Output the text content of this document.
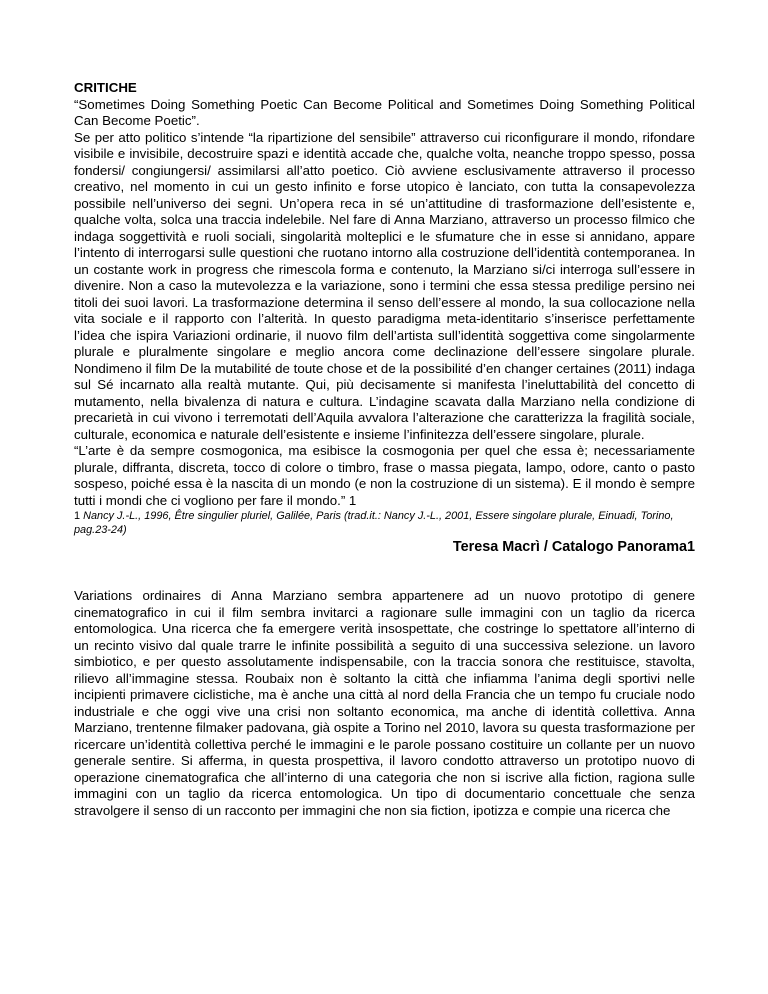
CRITICHE

“Sometimes Doing Something Poetic Can Become Political and Sometimes Doing Something Political Can Become Poetic”.

Se per atto politico s’intende “la ripartizione del sensibile” attraverso cui riconfigurare il mondo, rifondare visibile e invisibile, decostruire spazi e identità accade che, qualche volta, neanche troppo spesso, possa fondersi/ congiungersi/ assimilarsi all’atto poetico. Ciò avviene esclusivamente attraverso il processo creativo, nel momento in cui un gesto infinito e forse utopico è lanciato, con tutta la consapevolezza possibile nell’universo dei segni. Un’opera reca in sé un’attitudine di trasformazione dell’esistente e, qualche volta, solca una traccia indelebile. Nel fare di Anna Marziano, attraverso un processo filmico che indaga soggettività e ruoli sociali, singolarità molteplici e le sfumature che in esse si annidano, appare l’intento di interrogarsi sulle questioni che ruotano intorno alla costruzione dell’identità contemporanea. In un costante work in progress che rimescola forma e contenuto, la Marziano si/ci interroga sull’essere in divenire. Non a caso la mutevolezza e la variazione, sono i termini che essa stessa predilige persino nei titoli dei suoi lavori. La trasformazione determina il senso dell’essere al mondo, la sua collocazione nella vita sociale e il rapporto con l’alterità. In questo paradigma meta-identitario s’inserisce perfettamente l’idea che ispira Variazioni ordinarie, il nuovo film dell’artista sull’identità soggettiva come singolarmente plurale e pluralmente singolare e meglio ancora come declinazione dell’essere singolare plurale. Nondimeno il film De la mutabilité de toute chose et de la possibilité d’en changer certaines (2011) indaga sul Sé incarnato alla realtà mutante. Qui, più decisamente si manifesta l’ineluttabilità del concetto di mutamento, nella bivalenza di natura e cultura. L’indagine scavata dalla Marziano nella condizione di precarietà in cui vivono i terremotati dell’Aquila avvalora l’alterazione che caratterizza la fragilità sociale, culturale, economica e naturale dell’esistente e insieme l’infinitezza dell’essere singolare, plurale.

“L’arte è da sempre cosmogonica, ma esibisce la cosmogonia per quel che essa è; necessariamente plurale, diffranta, discreta, tocco di colore o timbro, frase o massa piegata, lampo, odore, canto o pasto sospeso, poiché essa è la nascita di un mondo (e non la costruzione di un sistema). E il mondo è sempre tutti i mondi che ci vogliono per fare il mondo.” 1

1 Nancy J.-L., 1996, Être singulier pluriel, Galilée, Paris (trad.it.: Nancy J.-L., 2001, Essere singolare plurale, Einuadi, Torino, pag.23-24)

Teresa Macrì / Catalogo Panorama1

Variations ordinaires di Anna Marziano sembra appartenere ad un nuovo prototipo di genere cinematografico in cui il film sembra invitarci a ragionare sulle immagini con un taglio da ricerca entomologica. Una ricerca che fa emergere verità insospettate, che costringe lo spettatore all’interno di un recinto visivo dal quale trarre le infinite possibilità a seguito di una successiva selezione. un lavoro simbiotico, e per questo assolutamente indispensabile, con la traccia sonora che restituisce, stavolta, rilievo all’immagine stessa. Roubaix non è soltanto la città che infiamma l’anima degli sportivi nelle incipienti primavere ciclistiche, ma è anche una città al nord della Francia che un tempo fu cruciale nodo industriale e che oggi vive una crisi non soltanto economica, ma anche di identità collettiva. Anna Marziano, trentenne filmaker padovana, già ospite a Torino nel 2010, lavora su questa trasformazione per ricercare un’identità collettiva perché le immagini e le parole possano costituire un collante per un nuovo generale sentire. Si afferma, in questa prospettiva, il lavoro condotto attraverso un prototipo nuovo di operazione cinematografica che all’interno di una categoria che non si iscrive alla fiction, ragiona sulle immagini con un taglio da ricerca entomologica. Un tipo di documentario concettuale che senza stravolgere il senso di un racconto per immagini che non sia fiction, ipotizza e compie una ricerca che
